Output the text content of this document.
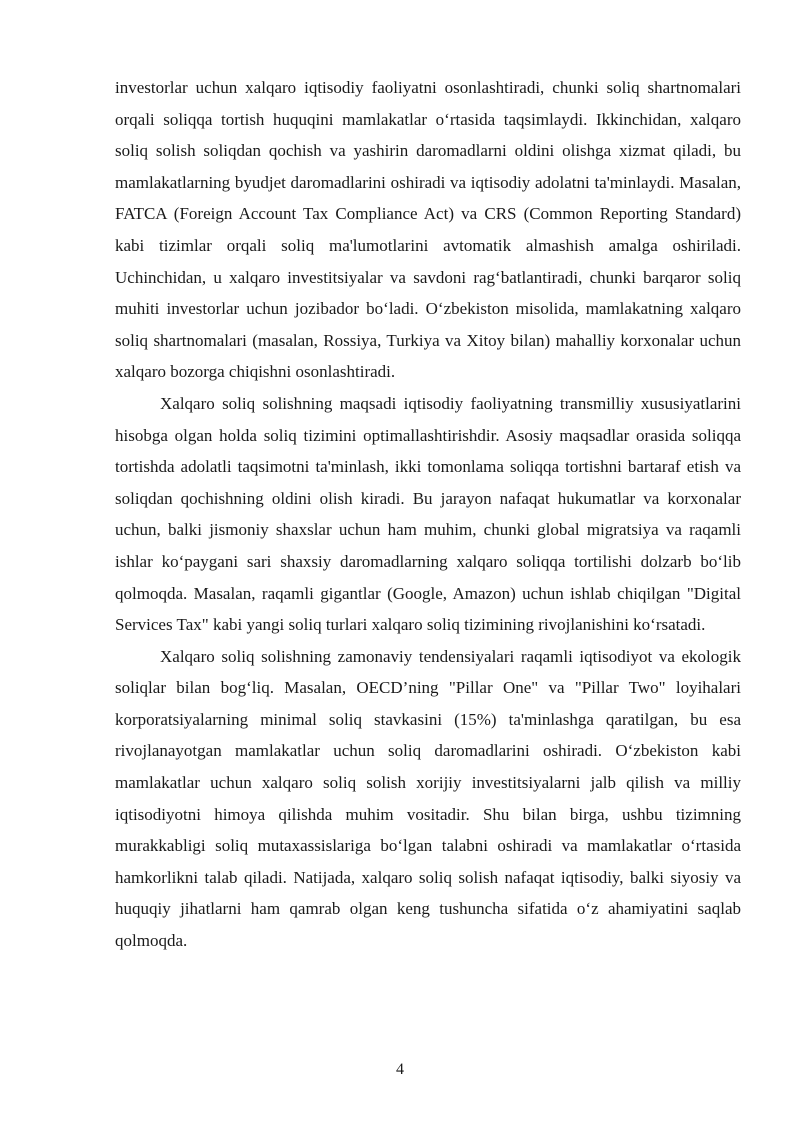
investorlar uchun xalqaro iqtisodiy faoliyatni osonlashtiradi, chunki soliq shartnomalari orqali soliqqa tortish huquqini mamlakatlar o‘rtasida taqsimlaydi. Ikkinchidan, xalqaro soliq solish soliqdan qochish va yashirin daromadlarni oldini olishga xizmat qiladi, bu mamlakatlarning byudjet daromadlarini oshiradi va iqtisodiy adolatni ta'minlaydi. Masalan, FATCA (Foreign Account Tax Compliance Act) va CRS (Common Reporting Standard) kabi tizimlar orqali soliq ma'lumotlarini avtomatik almashish amalga oshiriladi. Uchinchidan, u xalqaro investitsiyalar va savdoni rag‘batlantiradi, chunki barqaror soliq muhiti investorlar uchun jozibador bo‘ladi. O‘zbekiston misolida, mamlakatning xalqaro soliq shartnomalari (masalan, Rossiya, Turkiya va Xitoy bilan) mahalliy korxonalar uchun xalqaro bozorga chiqishni osonlashtiradi.

Xalqaro soliq solishning maqsadi iqtisodiy faoliyatning transmilliy xususiyatlarini hisobga olgan holda soliq tizimini optimallashtirishdir. Asosiy maqsadlar orasida soliqqa tortishda adolatli taqsimotni ta'minlash, ikki tomonlama soliqqa tortishni bartaraf etish va soliqdan qochishning oldini olish kiradi. Bu jarayon nafaqat hukumatlar va korxonalar uchun, balki jismoniy shaxslar uchun ham muhim, chunki global migratsiya va raqamli ishlar ko‘paygani sari shaxsiy daromadlarning xalqaro soliqqa tortilishi dolzarb bo‘lib qolmoqda. Masalan, raqamli gigantlar (Google, Amazon) uchun ishlab chiqilgan "Digital Services Tax" kabi yangi soliq turlari xalqaro soliq tizimining rivojlanishini ko‘rsatadi.

Xalqaro soliq solishning zamonaviy tendensiyalari raqamli iqtisodiyot va ekologik soliqlar bilan bog‘liq. Masalan, OECD’ning "Pillar One" va "Pillar Two" loyihalari korporatsiyalarning minimal soliq stavkasini (15%) ta'minlashga qaratilgan, bu esa rivojlanayotgan mamlakatlar uchun soliq daromadlarini oshiradi. O‘zbekiston kabi mamlakatlar uchun xalqaro soliq solish xorijiy investitsiyalarni jalb qilish va milliy iqtisodiyotni himoya qilishda muhim vositadir. Shu bilan birga, ushbu tizimning murakkabligi soliq mutaxassislariga bo‘lgan talabni oshiradi va mamlakatlar o‘rtasida hamkorlikni talab qiladi. Natijada, xalqaro soliq solish nafaqat iqtisodiy, balki siyosiy va huquqiy jihatlarni ham qamrab olgan keng tushuncha sifatida o‘z ahamiyatini saqlab qolmoqda.

4
